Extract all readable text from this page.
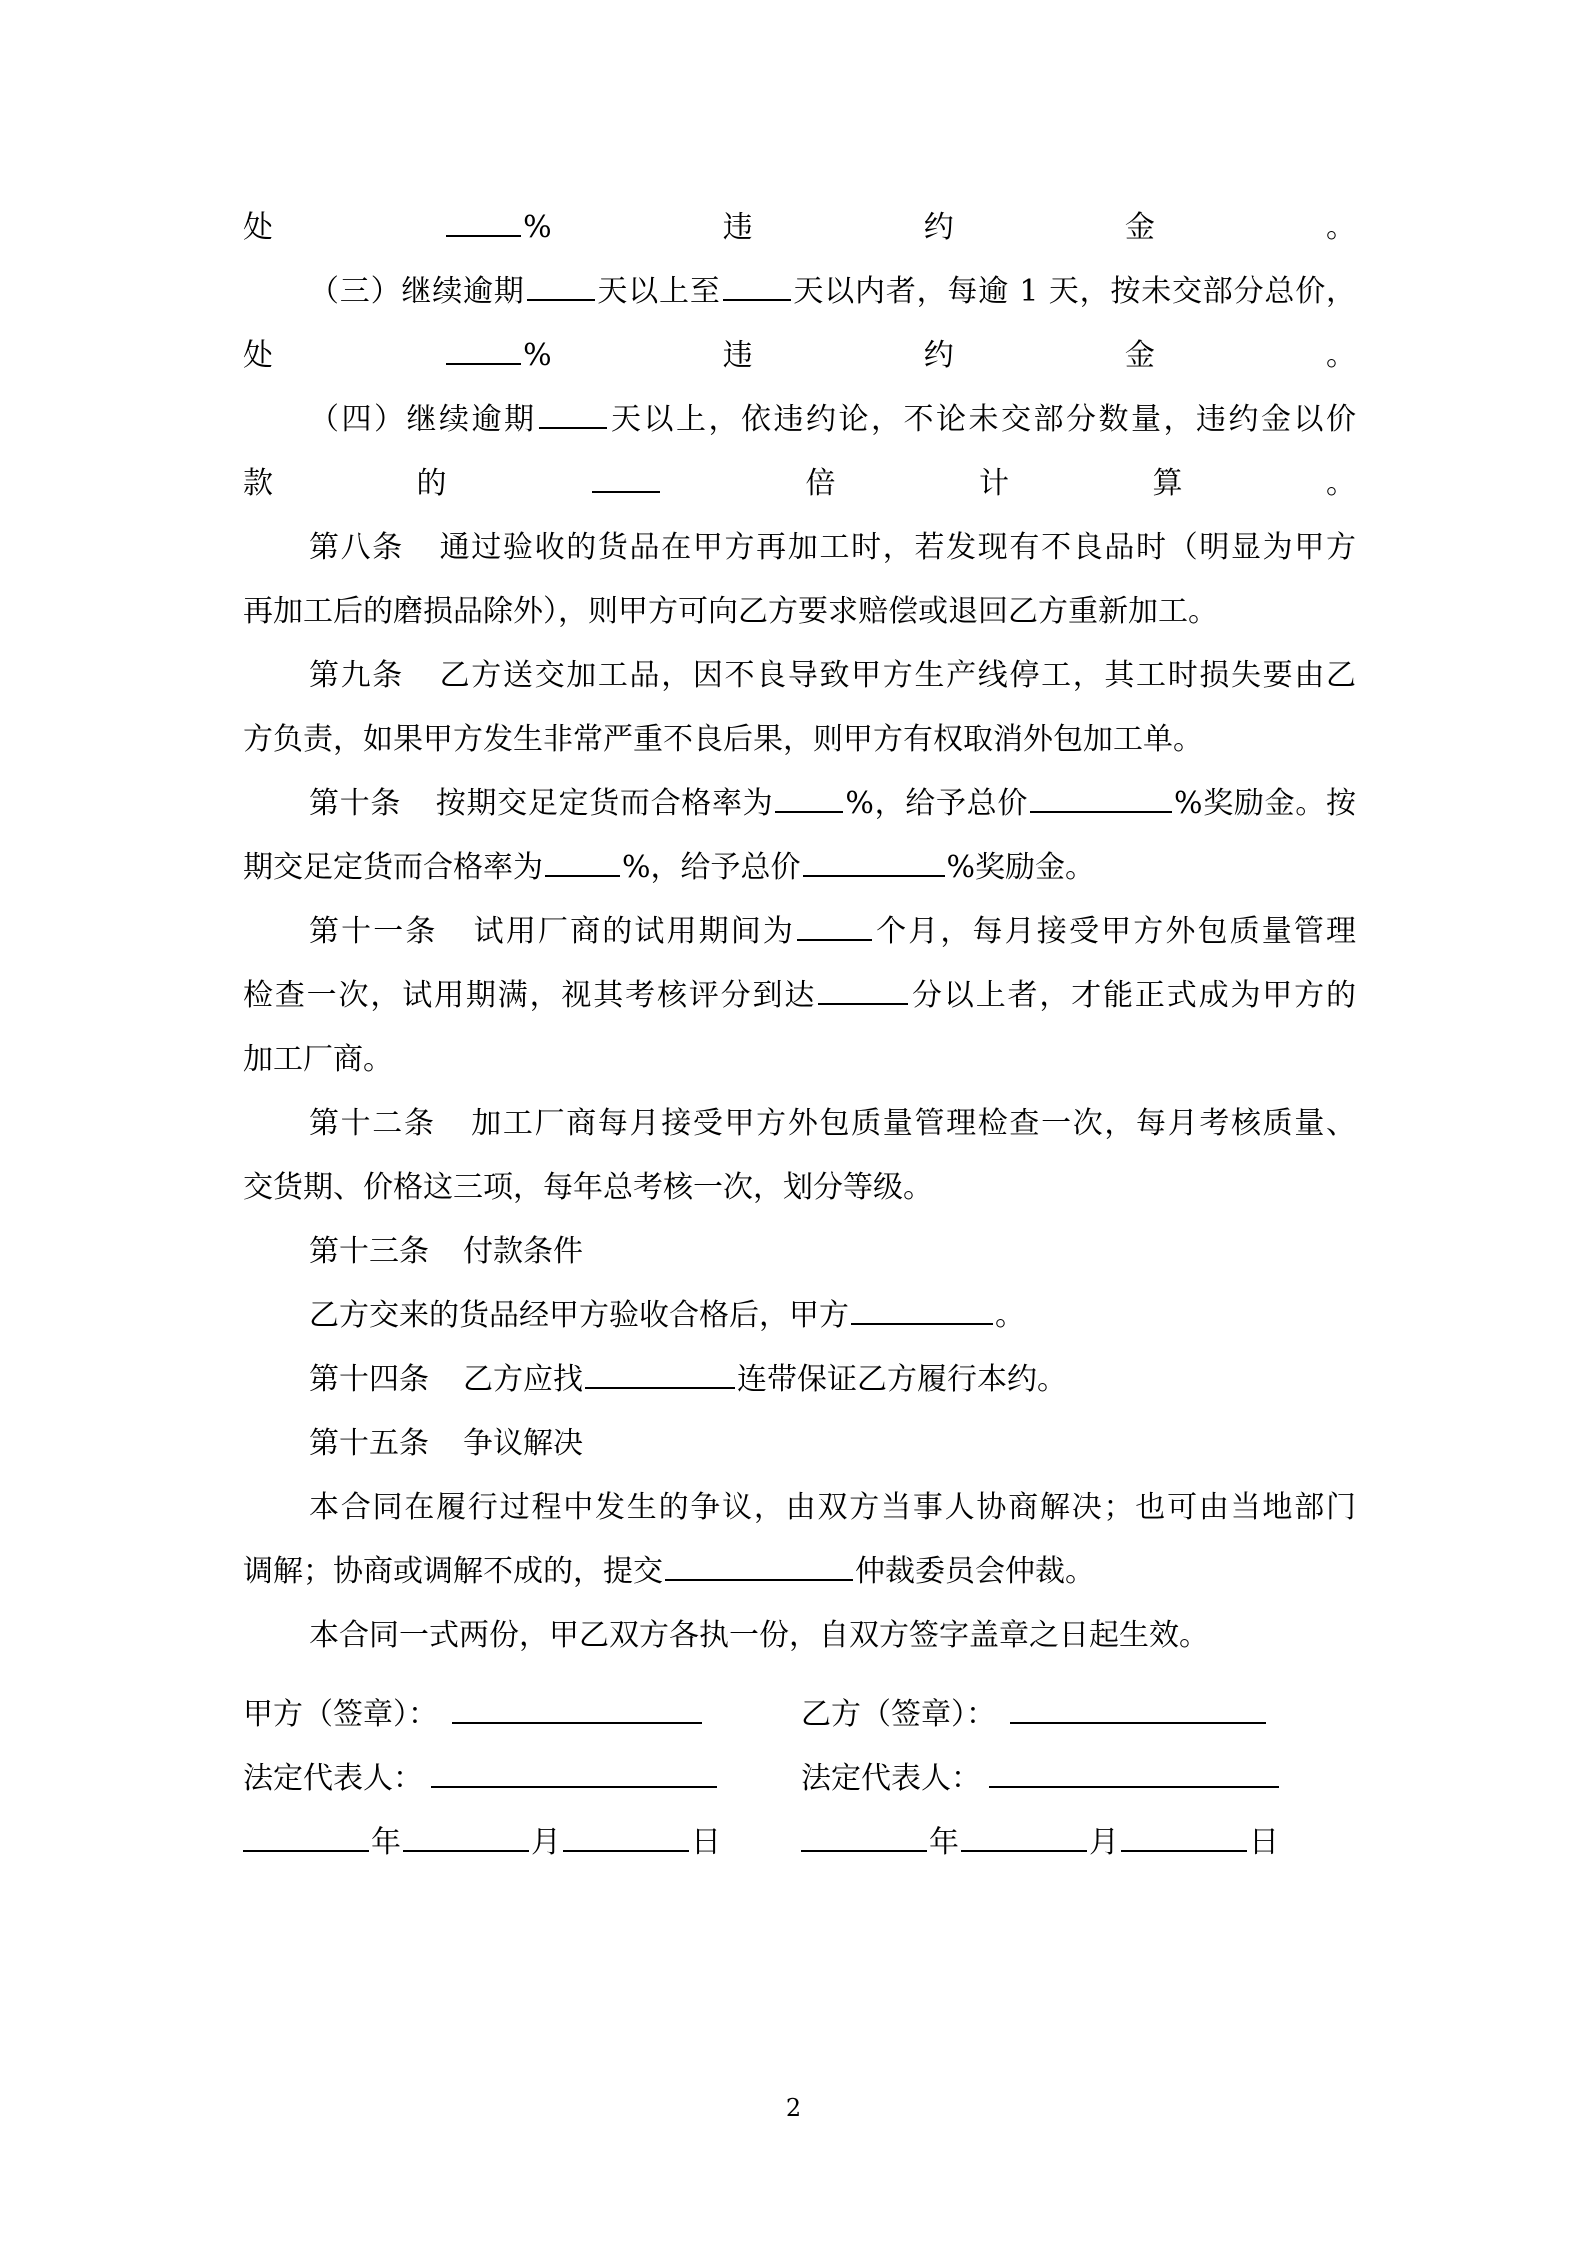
处	%违约金。
（三）继续逾期 天以上至 天以内者，每逾 1 天，按未交部分总价，
处	%违约金。
（四）继续逾期 天以上，依违约论，不论未交部分数量，违约金以价
款的 倍计算。
第八条 通过验收的货品在甲方再加工时，若发现有不良品时（明显为甲方
再加工后的磨损品除外），则甲方可向乙方要求赔偿或退回乙方重新加工。
第九条 乙方送交加工品，因不良导致甲方生产线停工，其工时损失要由乙
方负责，如果甲方发生非常严重不良后果，则甲方有权取消外包加工单。
第十条 按期交足定货而合格率为 %，给予总价	%奖励金。按
期交足定货而合格率为	%，给予总价	%奖励金。
第十一条 试用厂商的试用期间为	个月，每月接受甲方外包质量管理
检查一次，试用期满，视其考核评分到达	分以上者，才能正式成为甲方的
加工厂商。
第十二条 加工厂商每月接受甲方外包质量管理检查一次，每月考核质量、
交货期、价格这三项，每年总考核一次，划分等级。
第十三条 付款条件
乙方交来的货品经甲方验收合格后，甲方	。
第十四条 乙方应找	连带保证乙方履行本约。
第十五条 争议解决
本合同在履行过程中发生的争议，由双方当事人协商解决；也可由当地部门
调解；协商或调解不成的，提交	仲裁委员会仲裁。
本合同一式两份，甲乙双方各执一份，自双方签字盖章之日起生效。
甲方（签章）：	乙方（签章）：
法定代表人：	法定代表人：
年	月	日	年	月	日
2
